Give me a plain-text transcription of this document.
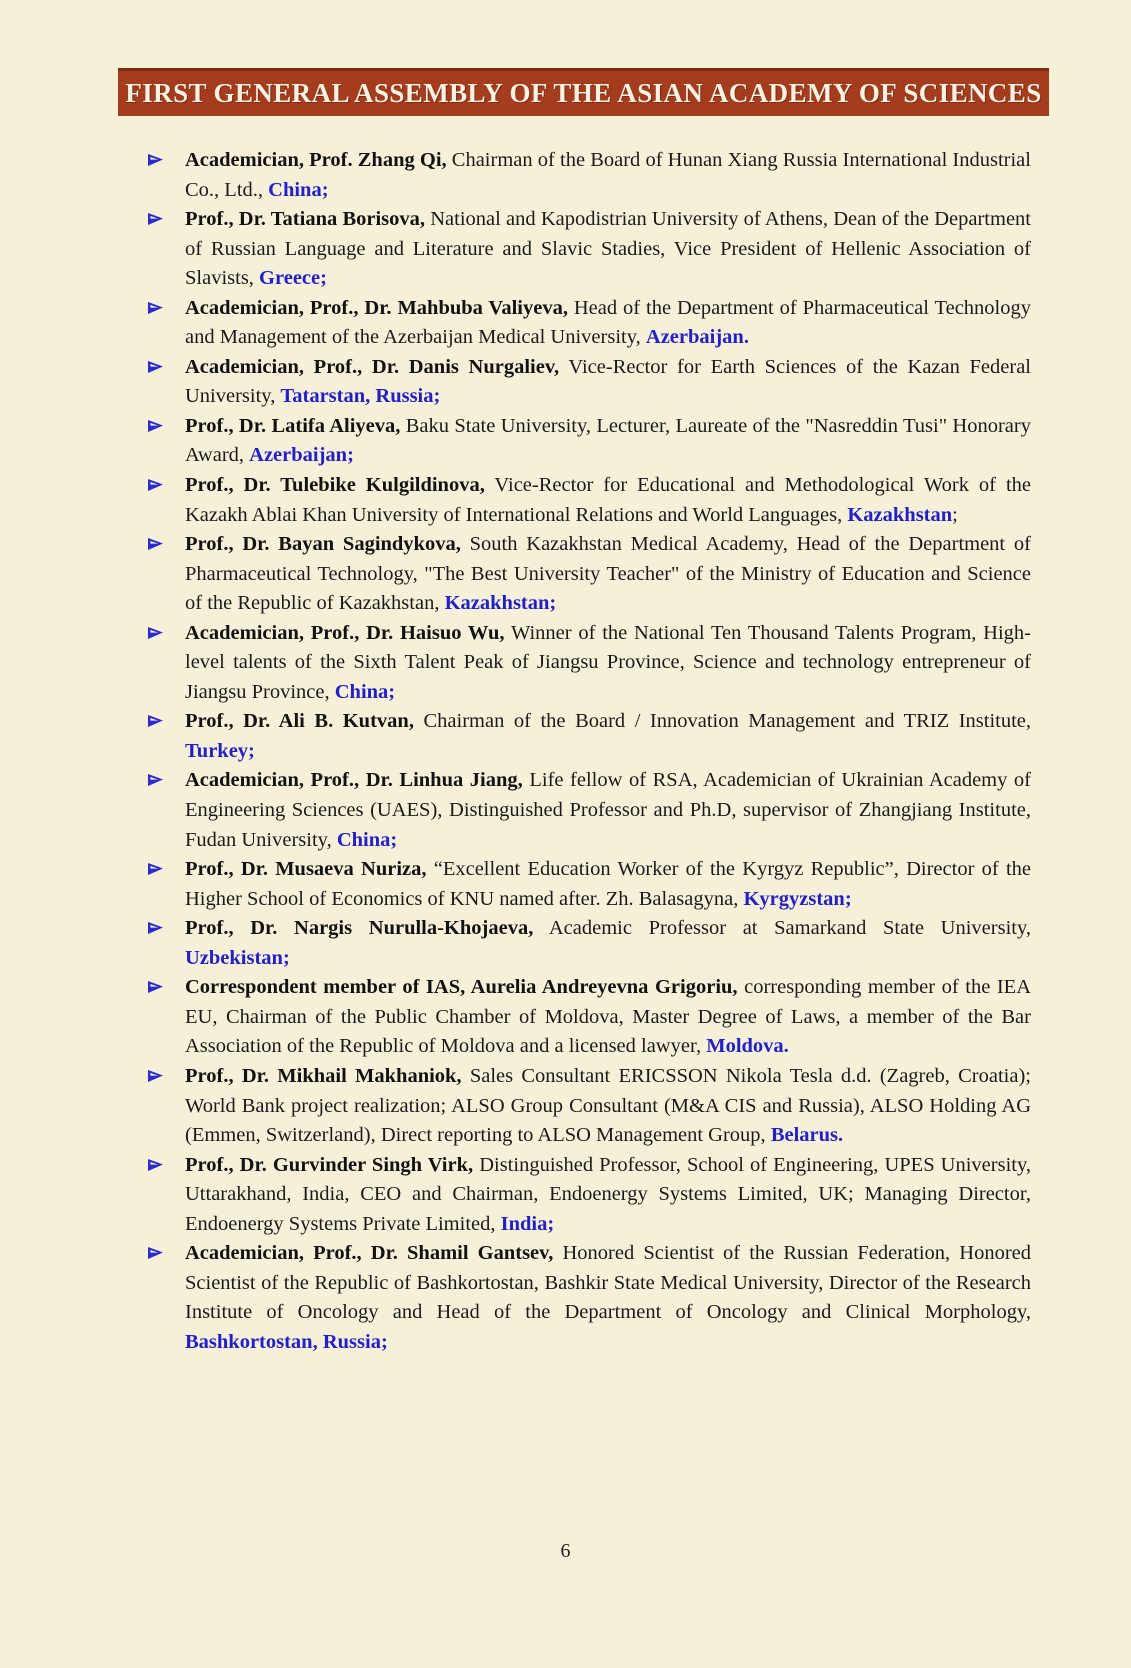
FIRST GENERAL ASSEMBLY OF THE ASIAN ACADEMY OF SCIENCES
Academician, Prof. Zhang Qi, Chairman of the Board of Hunan Xiang Russia International Industrial Co., Ltd., China;
Prof., Dr. Tatiana Borisova, National and Kapodistrian University of Athens, Dean of the Department of Russian Language and Literature and Slavic Stadies, Vice President of Hellenic Association of Slavists, Greece;
Academician, Prof., Dr. Mahbuba Valiyeva, Head of the Department of Pharmaceutical Technology and Management of the Azerbaijan Medical University, Azerbaijan.
Academician, Prof., Dr. Danis Nurgaliev, Vice-Rector for Earth Sciences of the Kazan Federal University, Tatarstan, Russia;
Prof., Dr. Latifa Aliyeva, Baku State University, Lecturer, Laureate of the "Nasreddin Tusi" Honorary Award, Azerbaijan;
Prof., Dr. Tulebike Kulgildinova, Vice-Rector for Educational and Methodological Work of the Kazakh Ablai Khan University of International Relations and World Languages, Kazakhstan;
Prof., Dr. Bayan Sagindykova, South Kazakhstan Medical Academy, Head of the Department of Pharmaceutical Technology, "The Best University Teacher" of the Ministry of Education and Science of the Republic of Kazakhstan, Kazakhstan;
Academician, Prof., Dr. Haisuo Wu, Winner of the National Ten Thousand Talents Program, High-level talents of the Sixth Talent Peak of Jiangsu Province, Science and technology entrepreneur of Jiangsu Province, China;
Prof., Dr. Ali B. Kutvan, Chairman of the Board / Innovation Management and TRIZ Institute, Turkey;
Academician, Prof., Dr. Linhua Jiang, Life fellow of RSA, Academician of Ukrainian Academy of Engineering Sciences (UAES), Distinguished Professor and Ph.D, supervisor of Zhangjiang Institute, Fudan University, China;
Prof., Dr. Musaeva Nuriza, “Excellent Education Worker of the Kyrgyz Republic”, Director of the Higher School of Economics of KNU named after. Zh. Balasagyna, Kyrgyzstan;
Prof., Dr. Nargis Nurulla-Khojaeva, Academic Professor at Samarkand State University, Uzbekistan;
Correspondent member of IAS, Aurelia Andreyevna Grigoriu, corresponding member of the IEA EU, Chairman of the Public Chamber of Moldova, Master Degree of Laws, a member of the Bar Association of the Republic of Moldova and a licensed lawyer, Moldova.
Prof., Dr. Mikhail Makhaniok, Sales Consultant ERICSSON Nikola Tesla d.d. (Zagreb, Croatia); World Bank project realization; ALSO Group Consultant (M&A CIS and Russia), ALSO Holding AG (Emmen, Switzerland), Direct reporting to ALSO Management Group, Belarus.
Prof., Dr. Gurvinder Singh Virk, Distinguished Professor, School of Engineering, UPES University, Uttarakhand, India, CEO and Chairman, Endoenergy Systems Limited, UK; Managing Director, Endoenergy Systems Private Limited, India;
Academician, Prof., Dr. Shamil Gantsev, Honored Scientist of the Russian Federation, Honored Scientist of the Republic of Bashkortostan, Bashkir State Medical University, Director of the Research Institute of Oncology and Head of the Department of Oncology and Clinical Morphology, Bashkortostan, Russia;
6
